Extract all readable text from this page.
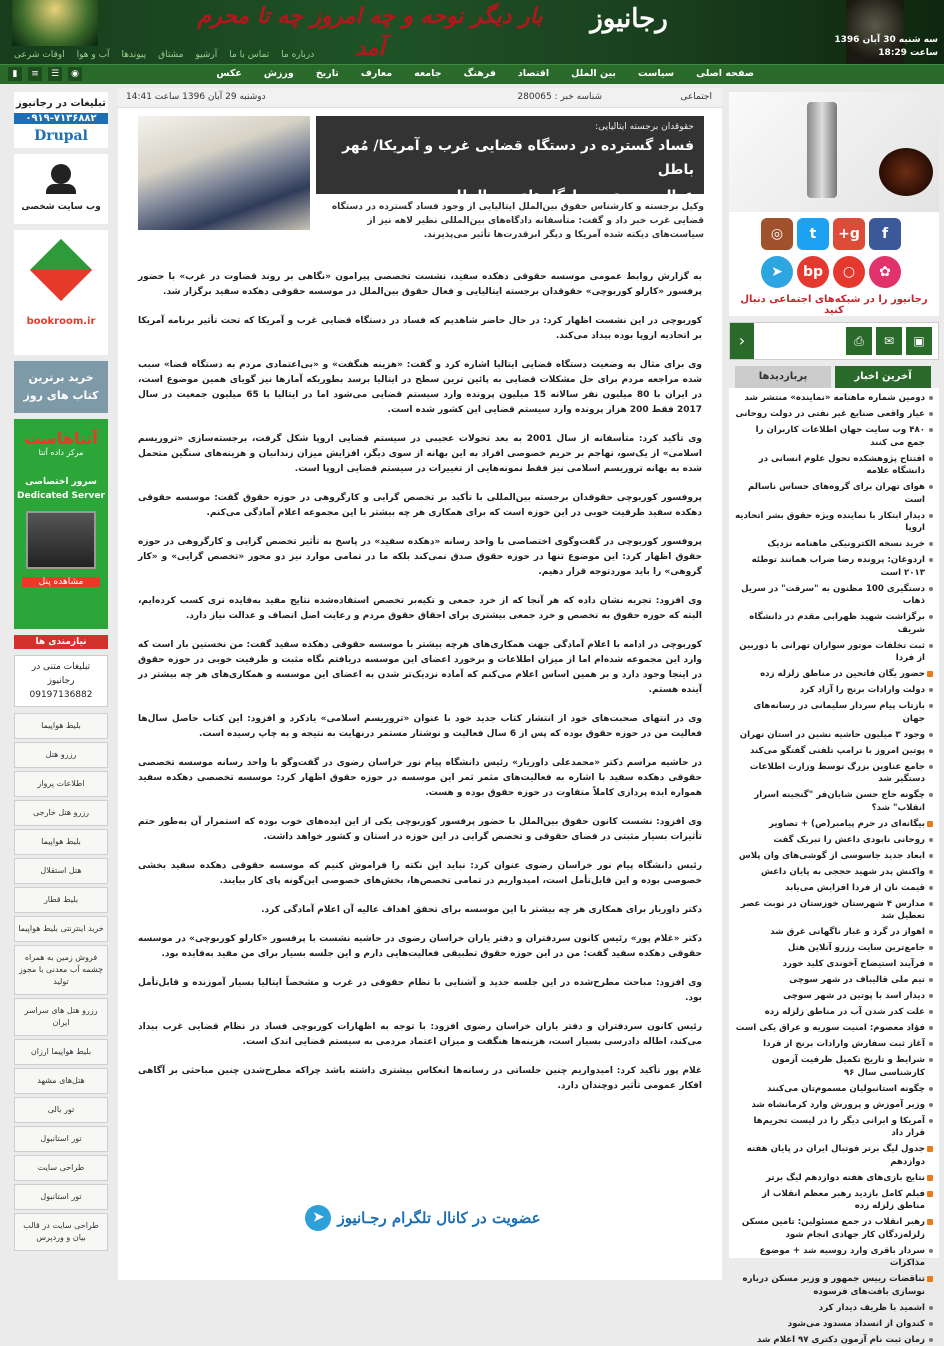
بار دیگر نوحه و چه امروز چه تا محرم آمد
رجانیوز
سه شنبه 30 آبان 1396
ساعت 18:29
درباره ما
تماس با ما
آرشیو
مشتاق
پیوندها
آب و هوا
اوقات شرعی
صفحه اصلی
سیاست
بین الملل
اقتصاد
فرهنگ
جامعه
معارف
تاریخ
ورزش
عکس
◉
☰
≡
▮
تبلیغات در رجانیوز
۰۹۱۹-۷۱۳۶۸۸۲
Drupal
وب سایت شخصی
bookroom.ir
خرید برترین کتاب های روز
آتناهاست
مرکز داده آتنا
سرور اختصاصی Dedicated Server
مشاهده پنل
نیازمندی ها
تبلیغات متنی در رجانیوز 09197136882
بلیط هواپیما
رزرو هتل
اطلاعات پرواز
رزرو هتل خارجی
بلیط هواپیما
هتل استقلال
بلیط قطار
خرید اینترنتی بلیط هواپیما
فروش زمین به همراه چشمه آب معدنی با مجوز تولید
رزرو هتل های سراسر ایران
بلیط هواپیما ارزان
هتل‌های مشهد
تور بالی
تور استانبول
طراحی سایت
تور استانبول
طراحی سایت در قالب بیان و وردپرس
اجتماعی
شناسه خبر : 280065
دوشنبه 29 آبان 1396 ساعت 14:41
حقوقدان برجسته ایتالیایی:
فساد گسترده در دستگاه قضایی غرب و آمریکا/ مُهر باطل
عدالت‌پروری بر دادگاه‌های بین‌المللی
وکیل برجسته و کارشناس حقوق بین‌الملل ایتالیایی از وجود فساد گسترده در دستگاه قضایی غرب خبر داد و گفت: متأسفانه دادگاه‌های بین‌المللی نظیر لاهه نیز از سیاست‌های دیکته شده آمریکا و دیگر ابرقدرت‌ها تأثیر می‌پذیرند.

به گزارش روابط عمومی موسسه حقوقی دهکده سفید، نشست تخصصی پیرامون «نگاهی بر روند قضاوت در غرب» با حضور پرفسور «کارلو کوربوچی» حقوقدان برجسته ایتالیایی و فعال حقوق بین‌الملل در موسسه حقوقی دهکده سفید برگزار شد.

کوربوچی در این نشست اظهار کرد: در حال حاضر شاهدیم که فساد در دستگاه قضایی غرب و آمریکا که تحت تأثیر برنامه آمریکا بر اتحادیه اروپا بوده بیداد می‌کند.

وی برای مثال به وضعیت دستگاه قضایی ایتالیا اشاره کرد و گفت: «هزینه هنگفت» و «بی‌اعتمادی مردم به دستگاه قضا» سبب شده مراجعه مردم برای حل مشکلات قضایی به پائین ترین سطح در ایتالیا برسد بطوریکه آمارها نیز گویای همین موضوع است، در ایران با 80 میلیون نفر سالانه 15 میلیون پرونده وارد سیستم قضایی می‌شود اما در ایتالیا با 65 میلیون جمعیت در سال 2017 فقط 200 هزار پرونده وارد سیستم قضایی این کشور شده است.

وی تأکید کرد: متأسفانه از سال 2001 به بعد تحولات عجیبی در سیستم قضایی اروپا شکل گرفت، برجسته‌سازی «تروریسم اسلامی» از یک‌سو، تهاجم بر حریم خصوصی افراد به این بهانه از سوی دیگر، افزایش میزان زندانیان و هزینه‌های سنگین متحمل شده به بهانه تروریسم اسلامی نیز فقط نمونه‌هایی از تغییرات در سیستم قضایی اروپا است.

پروفسور کوربوچی حقوقدان برجسته بین‌المللی با تأکید بر تخصص گرایی و کارگروهی در حوزه حقوق گفت: موسسه حقوقی دهکده سفید ظرفیت خوبی در این حوزه است که برای همکاری هر چه بیشتر با این مجموعه اعلام آمادگی می‌کنم.

پروفسور کوربوچی در گفت‌وگوی اختصاصی با واحد رسانه «دهکده سفید» در پاسخ به تأثیر تخصص گرایی و کارگروهی در حوزه حقوق اظهار کرد: این موضوع تنها در حوزه حقوق صدق نمی‌کند بلکه ما در تمامی موارد نیز دو محور «تخصص گرایی» و «کار گروهی» را باید موردتوجه قرار دهیم.

وی افزود: تجربه نشان داده که هر آنجا که از خرد جمعی و تکیه‌بر تخصص استفاده‌شده نتایج مفید به‌فایده تری کسب کرده‌ایم، البته که حوزه حقوق به تخصص و خرد جمعی بیشتری برای احقاق حقوق مردم و رعایت اصل انصاف و عدالت نیاز دارد.

کوربوچی در ادامه با اعلام آمادگی جهت همکاری‌های هرچه بیشتر با موسسه حقوقی دهکده سفید گفت: من نخستین بار است که وارد این مجموعه شده‌ام اما از میزان اطلاعات و برخورد اعضای این موسسه دریافتم نگاه مثبت و ظرفیت خوبی در حوزه حقوق در اینجا وجود دارد و بر همین اساس اعلام می‌کنم که آماده نزدیک‌تر شدن به اعضای این موسسه و همکاری‌های هر چه بیشتر در آینده هستم.

وی در انتهای صحبت‌های خود از انتشار کتاب جدید خود با عنوان «تروریسم اسلامی» یادکرد و افزود: این کتاب حاصل سال‌ها فعالیت من در حوزه حقوق بوده که پس از 6 سال فعالیت و نوشتار مستمر درنهایت به نتیجه و به چاپ رسیده است.

در حاشیه مراسم دکتر «محمدعلی داوریار» رئیس دانشگاه پیام نور خراسان رضوی در گفت‌وگو با واحد رسانه موسسه تخصصی حقوقی دهکده سفید با اشاره به فعالیت‌های مثمر ثمر این موسسه در حوزه حقوق اظهار کرد: موسسه تخصصی دهکده سفید همواره ایده پردازی کاملاً متفاوت در حوزه حقوق بوده و هست.

وی افزود: نشست کانون حقوق بین‌الملل با حضور پرفسور کوربوچی یکی از این ایده‌های خوب بوده که استمرار آن به‌طور حتم تأثیرات بسیار مثبتی در فضای حقوقی و تخصص گرایی در این حوزه در استان و کشور خواهد داشت.

رئیس دانشگاه پیام نور خراسان رضوی عنوان کرد: نباید این نکته را فراموش کنیم که موسسه حقوقی دهکده سفید بخشی خصوصی بوده و این قابل‌تأمل است، امیدواریم در تمامی تخصص‌ها، بخش‌های خصوصی این‌گونه پای کار بیایند.

دکتر داوریار برای همکاری هر چه بیشتر با این موسسه برای تحقق اهداف عالیه آن اعلام آمادگی کرد.

دکتر «غلام پور» رئیس کانون سردفتران و دفتر یاران خراسان رضوی در حاشیه نشست با پرفسور «کارلو کوربوچی» در موسسه حقوقی دهکده سفید گفت: من در این حوزه حقوق تطبیقی فعالیت‌هایی دارم و این جلسه بسیار برای من مفید به‌فایده بود.

وی افزود: مباحث مطرح‌شده در این جلسه جدید و آشنایی با نظام حقوقی در غرب و مشخصاً ایتالیا بسیار آموزنده و قابل‌تأمل بود.

رئیس کانون سردفتران و دفتر یاران خراسان رضوی افزود: با توجه به اظهارات کوربوچی فساد در نظام قضایی غرب بیداد می‌کند، اطاله دادرسی بسیار است، هزینه‌ها هنگفت و میزان اعتماد مردمی به سیستم قضایی اندک است.

غلام پور تأکید کرد: امیدواریم چنین جلساتی در رسانه‌ها انعکاس بیشتری داشته باشد چراکه مطرح‌شدن چنین مباحثی بر آگاهی افکار عمومی تأثیر دوچندان دارد.

عضویت در کانال تلگرام رجـانیوز
➤
f
g+
t
◎
✿
○
bp
➤
رجانیوز را در شبکه‌های اجتماعی دنبال کنید
‹	▣
✉
⎙
آخرین اخبار
پربازدیدها
دومین شماره ماهنامه «نماینده» منتشر شد
عیار واقعی صنایع غیر نفتی در دولت روحانی
۴۸۰ وب سایت جهان اطلاعات کاربران را جمع می کنند
افتتاح پژوهشکده تحول علوم انسانی در دانشگاه علامه
هوای تهران برای گروه‌های حساس ناسالم است
دیدار ابتکار با نماینده ویژه حقوق بشر اتحادیه اروپا
خرید نسخه الکترونیکی ماهنامه نزدیک
اردوغان: پرونده رضا ضراب همانند توطئه ۲۰۱۳ است
دستگیری 100 مظنون به "سرقت" در سریل ذهاب
برگزاشت شهید ظهرابی مقدم در دانشگاه شریف
ثبت تخلفات موتور سواران تهرانی با دوربین از فردا
حضور یگان فاتحین در مناطق زلزله زده
دولت وارادات برنج را آزاد کرد
بازتاب پیام سردار سلیمانی در رسانه‌های جهان
وجود ۳ میلیون حاشیه نشین در استان تهران
پوتین امروز با ترامپ تلفنی گفتگو می‌کند
جامع عناوین بزرگ توسط وزارت اطلاعات دستگیر شد
چگونه حاج حسن شایان‌فر "گنجینه اسرار انقلاب" شد؟
بیگانه‌ای در حرم پیامبر(ص) + تصاویر
روحانی نابودی داعش را تبریک گفت
ابعاد جدید جاسوسی از گوشی‌های وان پلاس
واکنش پدر شهید حججی به پایان داعش
قیمت نان از فردا افزایش می‌یابد
مدارس ۴ شهرستان خوزستان در نوبت عصر تعطیل شد
اهواز در گرد و غبار ناگهانی غرق شد
جامع‌ترین سایت رزرو آنلاین هتل
فرآیند استیضاح آخوندی کلید خورد
تیم ملی قالیباف در شهر سوچی
دیدار اسد با پوتین در شهر سوچی
علت کدر شدن آب در مناطق زلزله زده
فؤاد معصوم: امنیت سوریه و عراق یکی است
آغاز ثبت سفارش وارادات برنج از فردا
شرایط و تاریخ تکمیل ظرفیت آزمون کارشناسی سال ۹۶
چگونه استانبولیان مسموم‌تان می‌کنند
وزیر آموزش و پرورش وارد کرمانشاه شد
آمریکا و ایرانی دیگر را در لیست تحریم‌ها قرار داد
جدول لیگ برتر فوتبال ایران در پایان هفته دوازدهم
نتایج بازی‌های هفته دوازدهم لیگ برتر
فیلم کامل بازدید رهبر معظم انقلاب از مناطق زلزله زده
رهبر انقلاب در جمع مسئولین: تامین مسکن زلزله‌زدگان کار جهادی انجام شود
سردار باقری وارد روسیه شد + موضوع مذاکرات
تناقضات رییس جمهور و وزیر مسکن درباره نوسازی بافت‌های فرسوده
اشمید با ظریف دیدار کرد
کندوان از انسداد مسدود می‌شود
زمان ثبت نام آزمون دکتری ۹۷ اعلام شد
